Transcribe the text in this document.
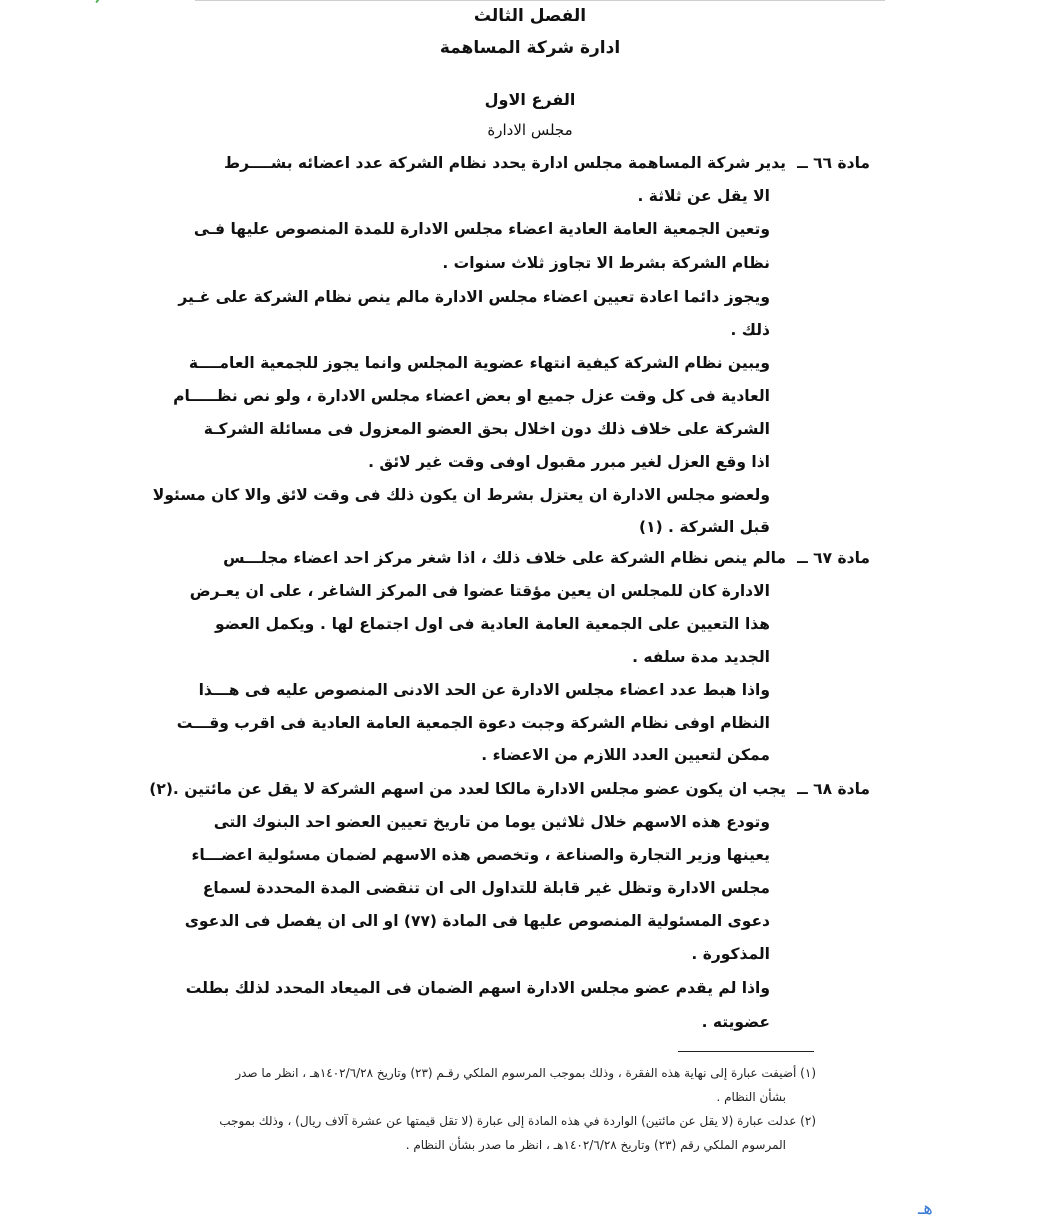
الفصل الثالث
ادارة شركة المساهمة
الفرع الاول
مجلس الادارة
مادة ٦٦ ــ
يدير شركة المساهمة مجلس ادارة يحدد نظام الشركة عدد اعضائه بشــــرط
الا يقل عن ثلاثة .
وتعين الجمعية العامة العادية اعضاء مجلس الادارة للمدة المنصوص عليها فـى
نظام الشركة بشرط الا تجاوز ثلاث سنوات .
ويجوز دائما اعادة تعيين اعضاء مجلس الادارة مالم ينص نظام الشركة على غـير
ذلك .
ويبين نظام الشركة كيفية انتهاء عضوية المجلس وانما يجوز للجمعية العامــــة
العادية فى كل وقت عزل جميع او بعض اعضاء مجلس الادارة ، ولو نص نظـــــام
الشركة على خلاف ذلك دون اخلال بحق العضو المعزول فى مسائلة الشركـة
اذا وقع العزل لغير مبرر مقبول اوفى وقت غير لائق .
ولعضو مجلس الادارة ان يعتزل بشرط ان يكون ذلك فى وقت لائق والا كان مسئولا
قبل الشركة . (١)
مادة ٦٧ ــ
مالم ينص نظام الشركة على خلاف ذلك ، اذا شغر مركز احد اعضاء مجلـــس
الادارة كان للمجلس ان يعين مؤقتا عضوا فى المركز الشاغر ، على ان يعـرض
هذا التعيين على الجمعية العامة العادية فى اول اجتماع لها . ويكمل العضو
الجديد مدة سلفه .
واذا هبط عدد اعضاء مجلس الادارة عن الحد الادنى المنصوص عليه فى هـــذا
النظام اوفى نظام الشركة وجبت دعوة الجمعية العامة العادية فى اقرب وقـــت
ممكن لتعيين العدد اللازم من الاعضاء .
مادة ٦٨ ــ
يجب ان يكون عضو مجلس الادارة مالكا لعدد من اسهم الشركة لا يقل عن مائتين .(٢)
وتودع هذه الاسهم خلال ثلاثين يوما من تاريخ تعيين العضو احد البنوك التى
يعينها وزير التجارة والصناعة ، وتخصص هذه الاسهم لضمان مسئولية اعضـــاء
مجلس الادارة وتظل غير قابلة للتداول الى ان تنقضى المدة المحددة لسماع
دعوى المسئولية المنصوص عليها فى المادة (٧٧) او الى ان يفصل فى الدعوى
المذكورة .
واذا لم يقدم عضو مجلس الادارة اسهم الضمان فى الميعاد المحدد لذلك بطلت
عضويته .
(١) أضيفت عبارة إلى نهاية هذه الفقرة ، وذلك بموجب المرسوم الملكي رقـم (٢٣) وتاريخ ١٤٠٢/٦/٢٨هـ ، انظر ما صدر
بشأن النظام .
(٢) عدلت عبارة (لا يقل عن مائتين) الواردة في هذه المادة إلى عبارة (لا تقل قيمتها عن عشرة آلاف ريال) ، وذلك بموجب
المرسوم الملكي رقم (٢٣) وتاريخ ١٤٠٢/٦/٢٨هـ ، انظر ما صدر بشأن النظام .
هـ
